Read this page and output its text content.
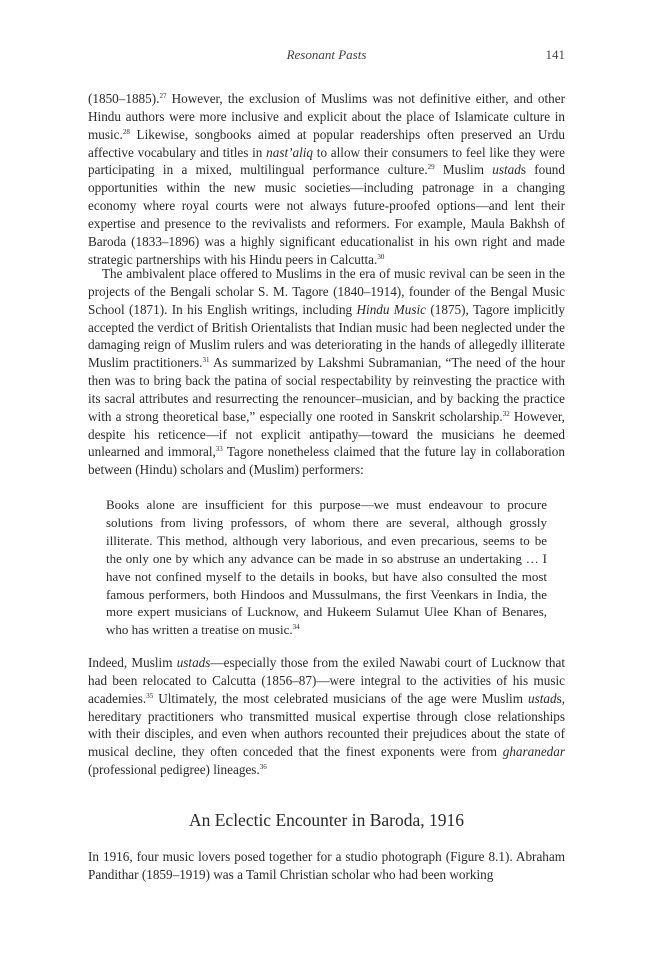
Resonant Pasts	141

(1850–1885).$^{27}$ However, the exclusion of Muslims was not definitive either, and other Hindu authors were more inclusive and explicit about the place of Islamicate culture in music.$^{28}$ Likewise, songbooks aimed at popular readerships often preserved an Urdu affective vocabulary and titles in nast’aliq to allow their consumers to feel like they were participating in a mixed, multilingual performance culture.$^{29}$ Muslim ustads found opportunities within the new music societies—including patronage in a changing economy where royal courts were not always future-proofed options—and lent their expertise and presence to the revivalists and reformers. For example, Maula Bakhsh of Baroda (1833–1896) was a highly significant educationalist in his own right and made strategic partnerships with his Hindu peers in Calcutta.$^{30}$

The ambivalent place offered to Muslims in the era of music revival can be seen in the projects of the Bengali scholar S. M. Tagore (1840–1914), founder of the Bengal Music School (1871). In his English writings, including Hindu Music (1875), Tagore implicitly accepted the verdict of British Orientalists that Indian music had been neglected under the damaging reign of Muslim rulers and was deteriorating in the hands of allegedly illiterate Muslim practitioners.$^{31}$ As summarized by Lakshmi Subramanian, “The need of the hour then was to bring back the patina of social respectability by reinvesting the practice with its sacral attributes and resurrecting the renouncer–musician, and by backing the practice with a strong theoretical base,” especially one rooted in Sanskrit scholarship.$^{32}$ However, despite his reticence—if not explicit antipathy—toward the musicians he deemed unlearned and immoral,$^{33}$ Tagore nonetheless claimed that the future lay in collaboration between (Hindu) scholars and (Muslim) performers:

Books alone are insufficient for this purpose—we must endeavour to procure solutions from living professors, of whom there are several, although grossly illiterate. This method, although very laborious, and even precarious, seems to be the only one by which any advance can be made in so abstruse an undertaking … I have not confined myself to the details in books, but have also consulted the most famous performers, both Hindoos and Mussulmans, the first Veenkars in India, the more expert musicians of Lucknow, and Hukeem Sulamut Ulee Khan of Benares, who has written a treatise on music.$^{34}$

Indeed, Muslim ustads—especially those from the exiled Nawabi court of Lucknow that had been relocated to Calcutta (1856–87)—were integral to the activities of his music academies.$^{35}$ Ultimately, the most celebrated musicians of the age were Muslim ustads, hereditary practitioners who transmitted musical expertise through close relationships with their disciples, and even when authors recounted their prejudices about the state of musical decline, they often conceded that the finest exponents were from gharanedar (professional pedigree) lineages.$^{36}$

An Eclectic Encounter in Baroda, 1916

In 1916, four music lovers posed together for a studio photograph (Figure 8.1). Abraham Pandithar (1859–1919) was a Tamil Christian scholar who had been working
